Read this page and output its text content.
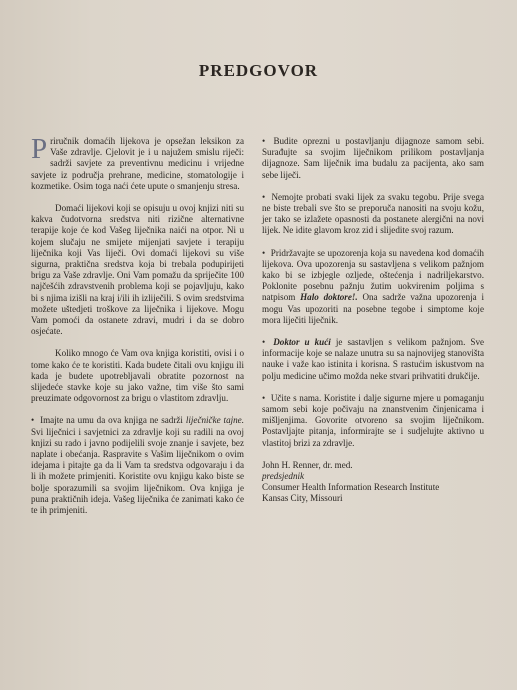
PREDGOVOR

Priručnik domaćih lijekova je opsežan leksikon za Vaše zdravlje. Cjelovit je i u najužem smislu riječi: sadrži savjete za preventivnu medicinu i vrijedne savjete iz područja prehrane, medicine, stomatologije i kozmetike. Osim toga naći ćete upute o smanjenju stresa.

Domaći lijekovi koji se opisuju u ovoj knjizi niti su kakva čudotvorna sredstva niti rizične alternativne terapije koje će kod Vašeg liječnika naići na otpor. Ni u kojem slučaju ne smijete mijenjati savjete i terapiju liječnika koji Vas liječi. Ovi domaći lijekovi su više sigurna, praktična sredstva koja bi trebala podupirijeti brigu za Vaše zdravlje. Oni Vam pomažu da spriječite 100 najčešćih zdravstvenih problema koji se pojavljuju, kako bi s njima izišli na kraj i/ili ih izliječili. S ovim sredstvima možete uštedjeti troškove za liječnika i lijekove. Mogu Vam pomoći da ostanete zdravi, mudri i da se dobro osjećate.

Koliko mnogo će Vam ova knjiga koristiti, ovisi i o tome kako će te koristiti. Kada budete čitali ovu knjigu ili kada je budete upotrebljavali obratite pozornost na slijedeće stavke koje su jako važne, tim više što sami preuzimate odgovornost za brigu o vlastitom zdravlju.

• Imajte na umu da ova knjiga ne sadrži liječničke tajne. Svi liječnici i savjetnici za zdravlje koji su radili na ovoj knjizi su rado i javno podijelili svoje znanje i savjete, bez naplate i obećanja. Raspravite s Vašim liječnikom o ovim idejama i pitajte ga da li Vam ta sredstva odgovaraju i da li ih možete primjeniti. Koristite ovu knjigu kako biste se bolje sporazumili sa svojim liječnikom. Ova knjiga je puna praktičnih ideja. Vašeg liječnika će zanimati kako će te ih primjeniti.

• Budite oprezni u postavljanju dijagnoze samom sebi. Surađujte sa svojim liječnikom prilikom postavljanja dijagnoze. Sam liječnik ima budalu za pacijenta, ako sam sebe liječi.

• Nemojte probati svaki lijek za svaku tegobu. Prije svega ne biste trebali sve što se preporuča nanositi na svoju kožu, jer tako se izlažete opasnosti da postanete alergični na novi lijek. Ne idite glavom kroz zid i slijedite svoj razum.

• Pridržavajte se upozorenja koja su navedena kod domaćih lijekova. Ova upozorenja su sastavljena s velikom pažnjom kako bi se izbjegle ozljede, oštećenja i nadriljekarstvo. Poklonite posebnu pažnju žutim uokvirenim poljima s natpisom Halo doktore!. Ona sadrže važna upozorenja i mogu Vas upozoriti na posebne tegobe i simptome koje mora liječiti liječnik.

• Doktor u kući je sastavljen s velikom pažnjom. Sve informacije koje se nalaze unutra su sa najnovijeg stanovišta nauke i važe kao istinita i korisna. S rastućim iskustvom na polju medicine učimo možda neke stvari prihvatiti drukčije.

• Učite s nama. Koristite i dalje sigurne mjere u pomaganju samom sebi koje počivaju na znanstvenim činjenicama i mišljenjima. Govorite otvoreno sa svojim liječnikom. Postavljajte pitanja, informirajte se i sudjelujte aktivno u vlastitoj brizi za zdravlje.

John H. Renner, dr. med.
predsjednik
Consumer Health Information Research Institute
Kansas City, Missouri
